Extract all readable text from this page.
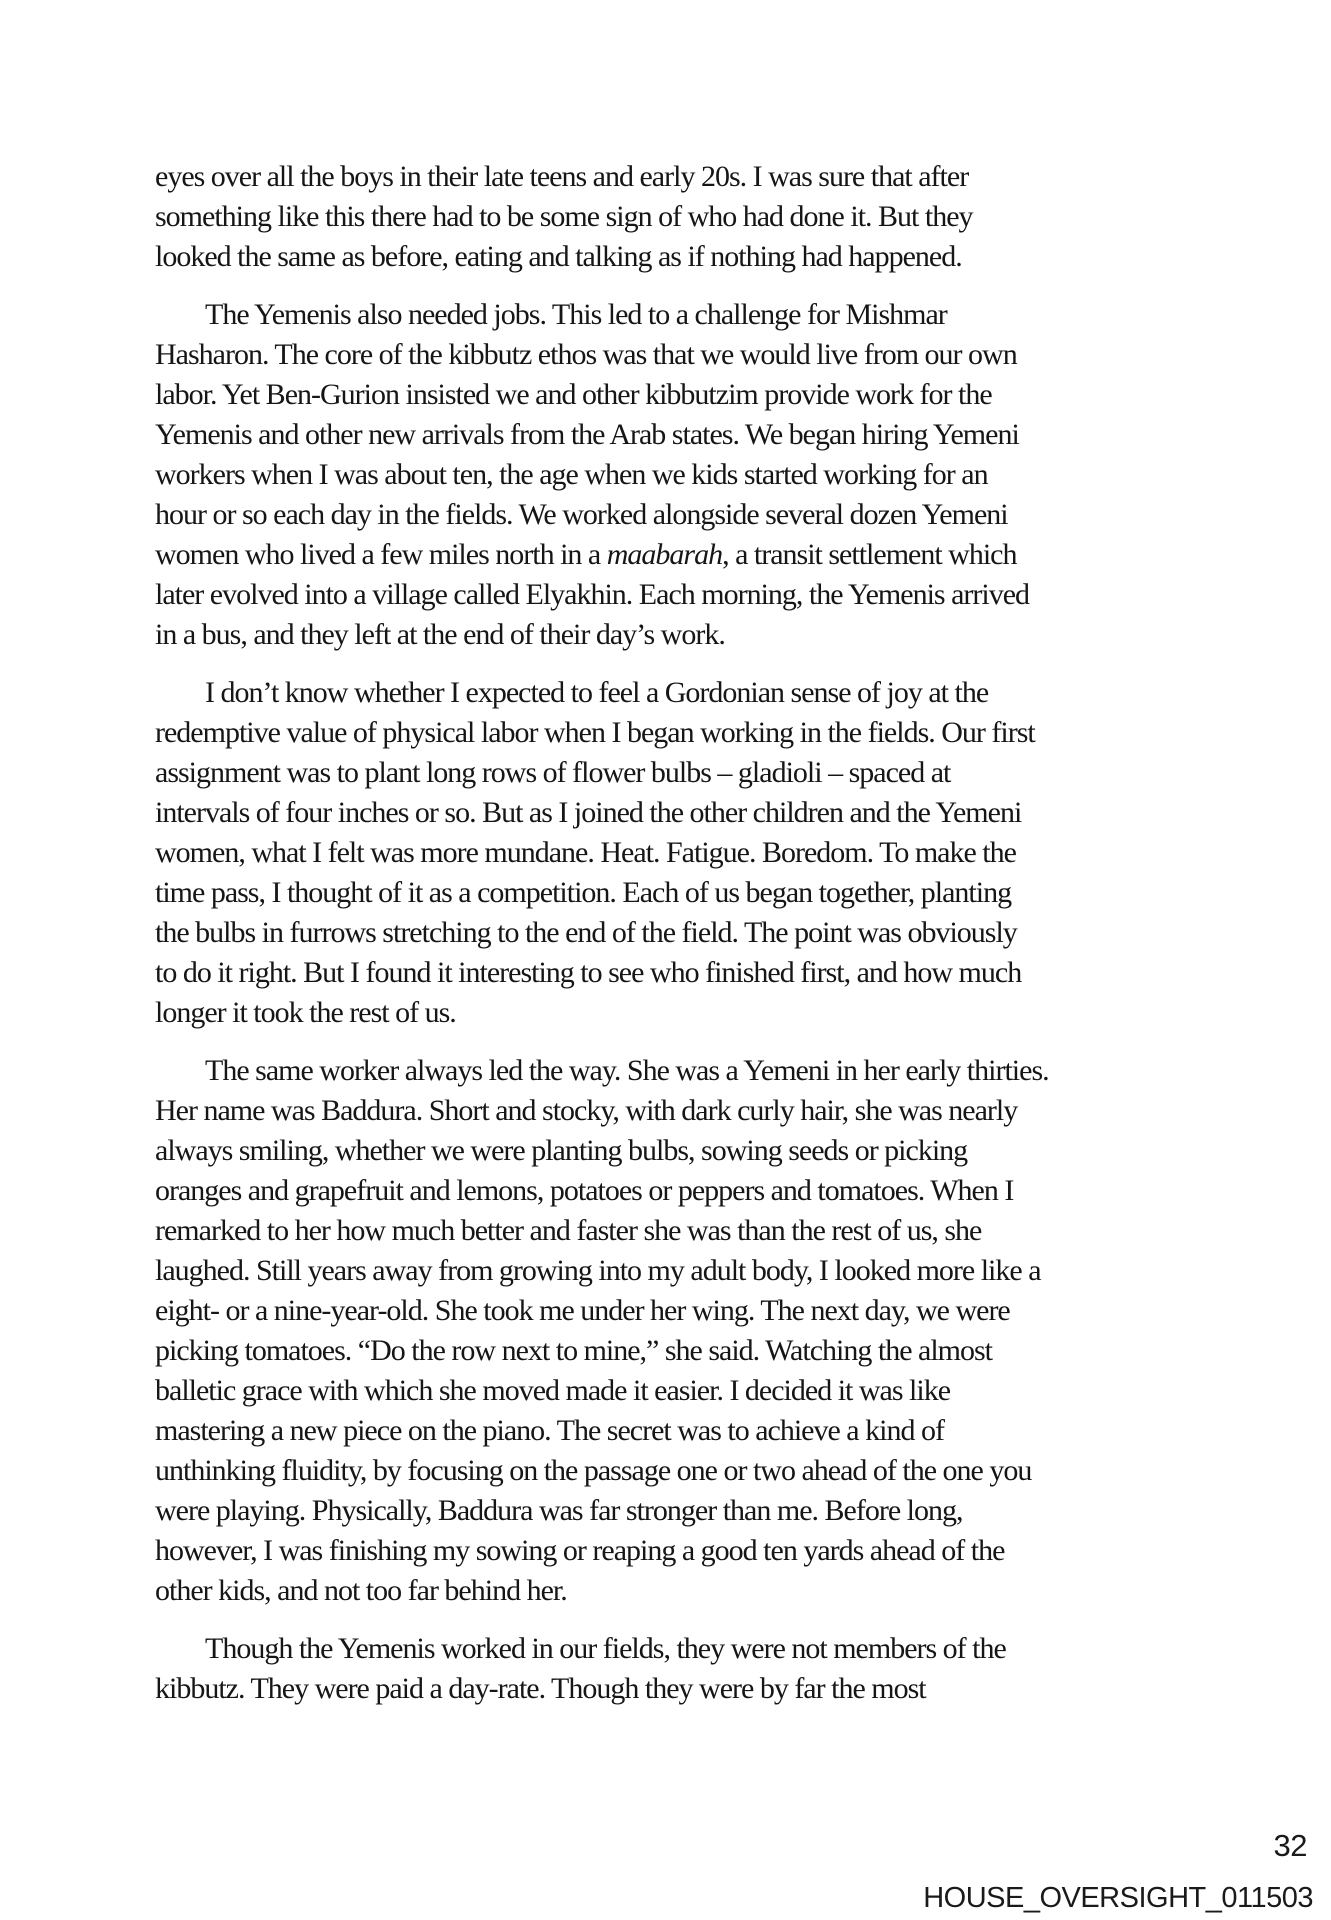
eyes over all the boys in their late teens and early 20s. I was sure that after
something like this there had to be some sign of who had done it. But they
looked the same as before, eating and talking as if nothing had happened.
The Yemenis also needed jobs. This led to a challenge for Mishmar
Hasharon. The core of the kibbutz ethos was that we would live from our own
labor. Yet Ben-Gurion insisted we and other kibbutzim provide work for the
Yemenis and other new arrivals from the Arab states. We began hiring Yemeni
workers when I was about ten, the age when we kids started working for an
hour or so each day in the fields. We worked alongside several dozen Yemeni
women who lived a few miles north in a maabarah, a transit settlement which
later evolved into a village called Elyakhin. Each morning, the Yemenis arrived
in a bus, and they left at the end of their day’s work.
I don’t know whether I expected to feel a Gordonian sense of joy at the
redemptive value of physical labor when I began working in the fields. Our first
assignment was to plant long rows of flower bulbs – gladioli – spaced at
intervals of four inches or so. But as I joined the other children and the Yemeni
women, what I felt was more mundane. Heat. Fatigue. Boredom. To make the
time pass, I thought of it as a competition. Each of us began together, planting
the bulbs in furrows stretching to the end of the field. The point was obviously
to do it right. But I found it interesting to see who finished first, and how much
longer it took the rest of us.
The same worker always led the way. She was a Yemeni in her early thirties.
Her name was Baddura. Short and stocky, with dark curly hair, she was nearly
always smiling, whether we were planting bulbs, sowing seeds or picking
oranges and grapefruit and lemons, potatoes or peppers and tomatoes. When I
remarked to her how much better and faster she was than the rest of us, she
laughed. Still years away from growing into my adult body, I looked more like a
eight- or a nine-year-old. She took me under her wing. The next day, we were
picking tomatoes. “Do the row next to mine,” she said. Watching the almost
balletic grace with which she moved made it easier. I decided it was like
mastering a new piece on the piano. The secret was to achieve a kind of
unthinking fluidity, by focusing on the passage one or two ahead of the one you
were playing. Physically, Baddura was far stronger than me. Before long,
however, I was finishing my sowing or reaping a good ten yards ahead of the
other kids, and not too far behind her.
Though the Yemenis worked in our fields, they were not members of the
kibbutz. They were paid a day-rate. Though they were by far the most
32
HOUSE_OVERSIGHT_011503
